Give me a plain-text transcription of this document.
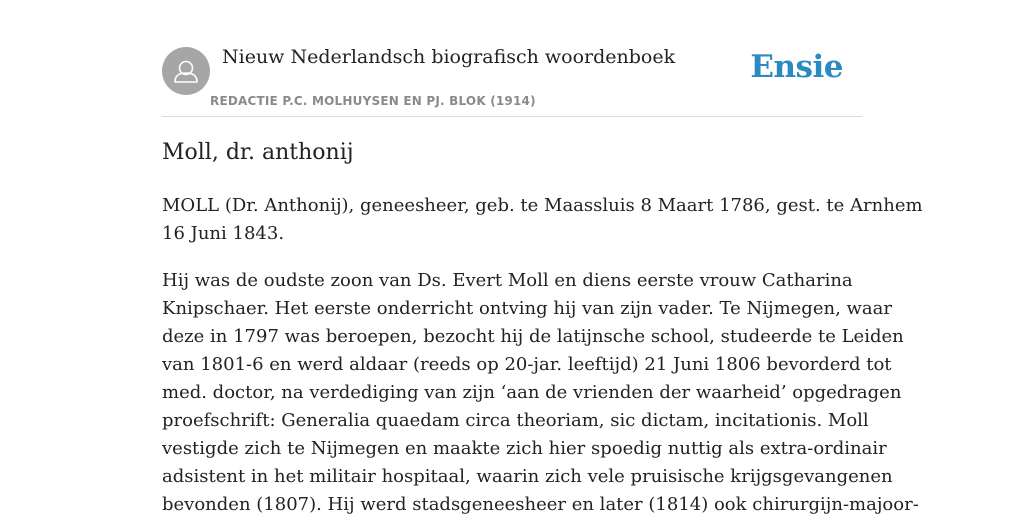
Nieuw Nederlandsch biografisch woordenboek
REDACTIE P.C. MOLHUYSEN EN PJ. BLOK (1914)
Ensie
Moll, dr. anthonij

MOLL (Dr. Anthonij), geneesheer, geb. te Maassluis 8 Maart 1786, gest. te Arnhem
16 Juni 1843.

Hij was de oudste zoon van Ds. Evert Moll en diens eerste vrouw Catharina
Knipschaer. Het eerste onderricht ontving hij van zijn vader. Te Nijmegen, waar
deze in 1797 was beroepen, bezocht hij de latijnsche school, studeerde te Leiden
van 1801-6 en werd aldaar (reeds op 20-jar. leeftijd) 21 Juni 1806 bevorderd tot
med. doctor, na verdediging van zijn ‘aan de vrienden der waarheid’ opgedragen
proefschrift: Generalia quaedam circa theoriam, sic dictam, incitationis. Moll
vestigde zich te Nijmegen en maakte zich hier spoedig nuttig als extra-ordinair
adsistent in het militair hospitaal, waarin zich vele pruisische krijgsgevangenen
bevonden (1807). Hij werd stadsgeneesheer en later (1814) ook chirurgijn-majoor-
